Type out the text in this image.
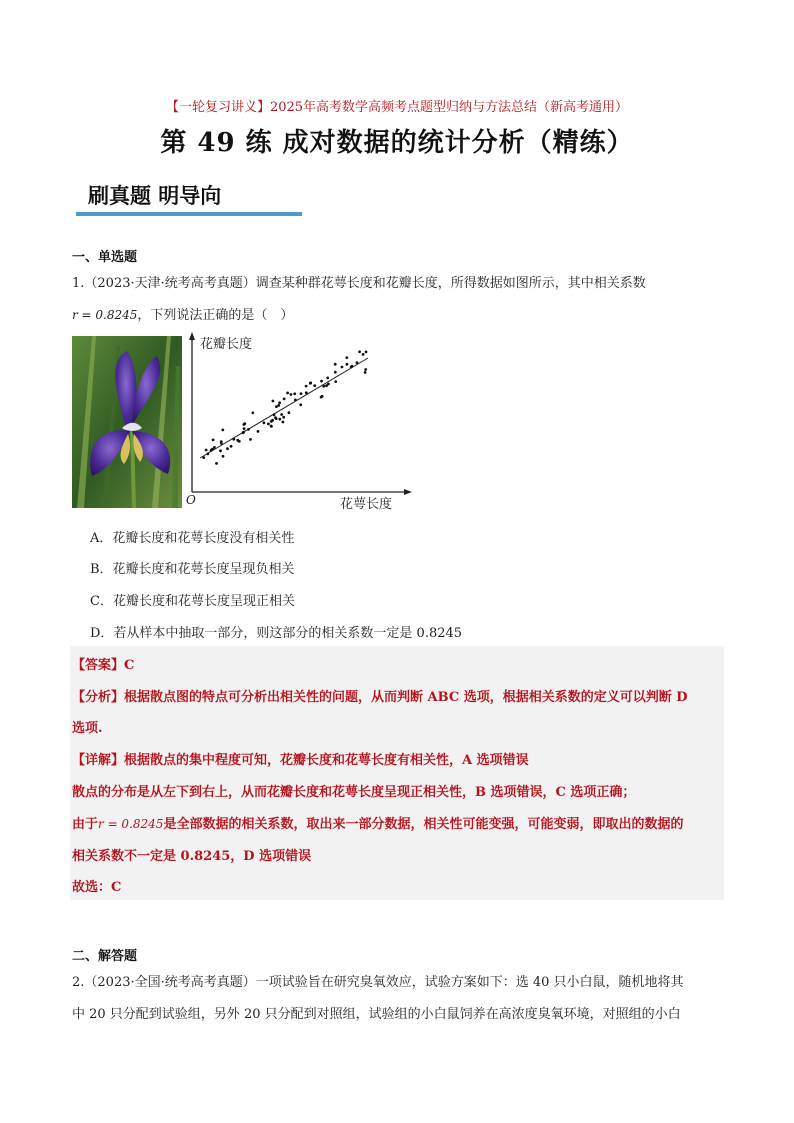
【一轮复习讲义】2025年高考数学高频考点题型归纳与方法总结（新高考通用）
第 49 练 成对数据的统计分析（精练）
刷真题 明导向
一、单选题
1.（2023·天津·统考高考真题）调查某种群花萼长度和花瓣长度，所得数据如图所示，其中相关系数
r = 0.8245，下列说法正确的是（　）
花瓣长度
花萼长度
O
A．花瓣长度和花萼长度没有相关性
B．花瓣长度和花萼长度呈现负相关
C．花瓣长度和花萼长度呈现正相关
D．若从样本中抽取一部分，则这部分的相关系数一定是 0.8245
【答案】C
【分析】根据散点图的特点可分析出相关性的问题，从而判断 ABC 选项，根据相关系数的定义可以判断 D
选项.
【详解】根据散点的集中程度可知，花瓣长度和花萼长度有相关性，A 选项错误
散点的分布是从左下到右上，从而花瓣长度和花萼长度呈现正相关性，B 选项错误，C 选项正确；
由于r = 0.8245是全部数据的相关系数，取出来一部分数据，相关性可能变强，可能变弱，即取出的数据的
相关系数不一定是 0.8245，D 选项错误
故选：C
二、解答题
2.（2023·全国·统考高考真题）一项试验旨在研究臭氧效应，试验方案如下：选 40 只小白鼠，随机地将其
中 20 只分配到试验组，另外 20 只分配到对照组，试验组的小白鼠饲养在高浓度臭氧环境，对照组的小白
